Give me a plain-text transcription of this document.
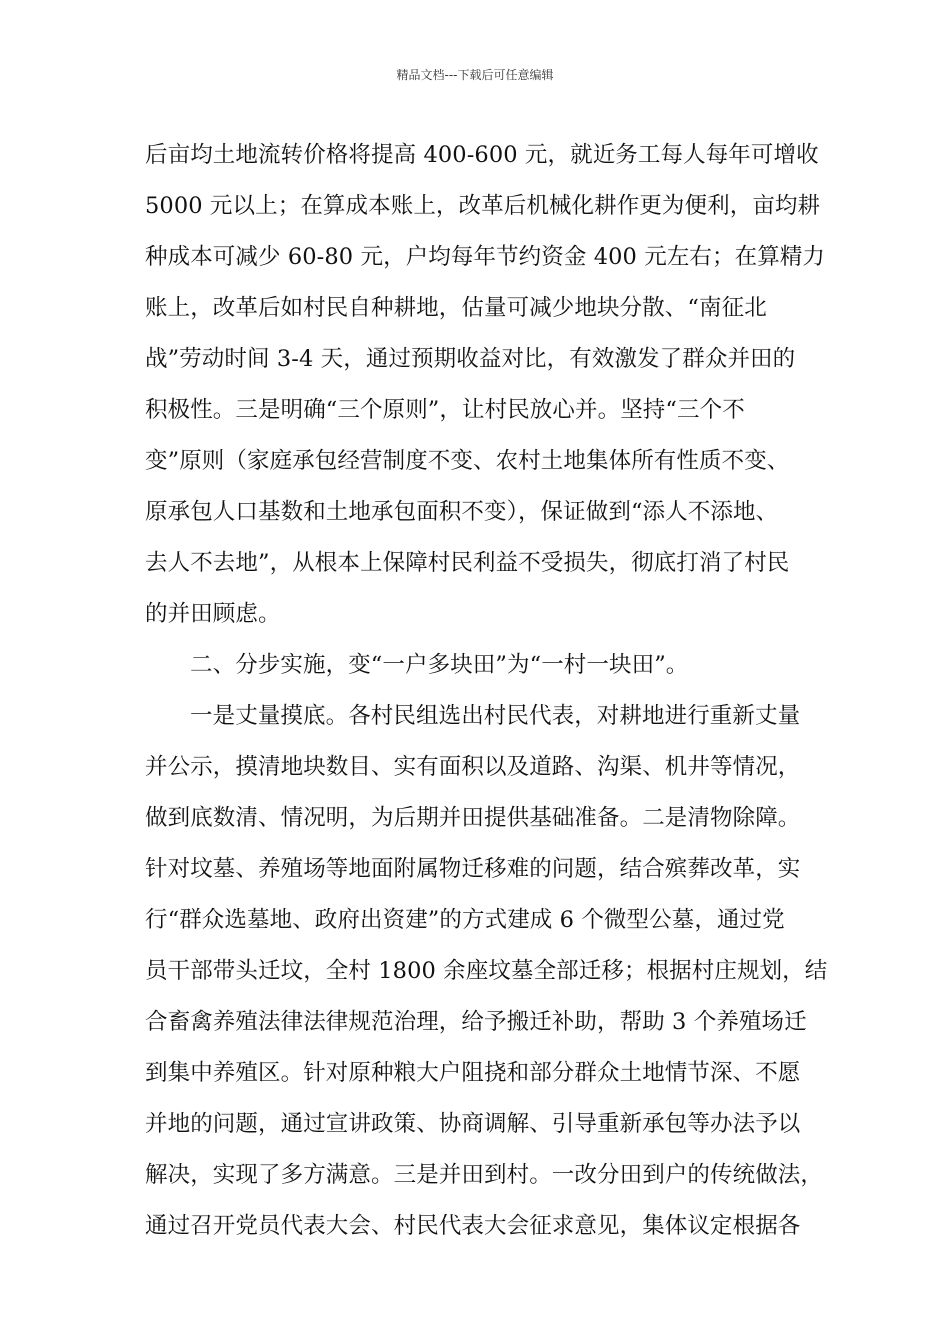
精品文档---下载后可任意编辑
后亩均土地流转价格将提高 400-600 元，就近务工每人每年可增收
5000 元以上；在算成本账上，改革后机械化耕作更为便利，亩均耕
种成本可减少 60-80 元，户均每年节约资金 400 元左右；在算精力
账上，改革后如村民自种耕地，估量可减少地块分散、“南征北
战”劳动时间 3-4 天，通过预期收益对比，有效激发了群众并田的
积极性。三是明确“三个原则”，让村民放心并。坚持“三个不
变”原则（家庭承包经营制度不变、农村土地集体所有性质不变、
原承包人口基数和土地承包面积不变），保证做到“添人不添地、
去人不去地”，从根本上保障村民利益不受损失，彻底打消了村民
的并田顾虑。
二、分步实施，变“一户多块田”为“一村一块田”。
一是丈量摸底。各村民组选出村民代表，对耕地进行重新丈量
并公示，摸清地块数目、实有面积以及道路、沟渠、机井等情况，
做到底数清、情况明，为后期并田提供基础准备。二是清物除障。
针对坟墓、养殖场等地面附属物迁移难的问题，结合殡葬改革，实
行“群众选墓地、政府出资建”的方式建成 6 个微型公墓，通过党
员干部带头迁坟，全村 1800 余座坟墓全部迁移；根据村庄规划，结
合畜禽养殖法律法律规范治理，给予搬迁补助，帮助 3 个养殖场迁
到集中养殖区。针对原种粮大户阻挠和部分群众土地情节深、不愿
并地的问题，通过宣讲政策、协商调解、引导重新承包等办法予以
解决，实现了多方满意。三是并田到村。一改分田到户的传统做法，
通过召开党员代表大会、村民代表大会征求意见，集体议定根据各
